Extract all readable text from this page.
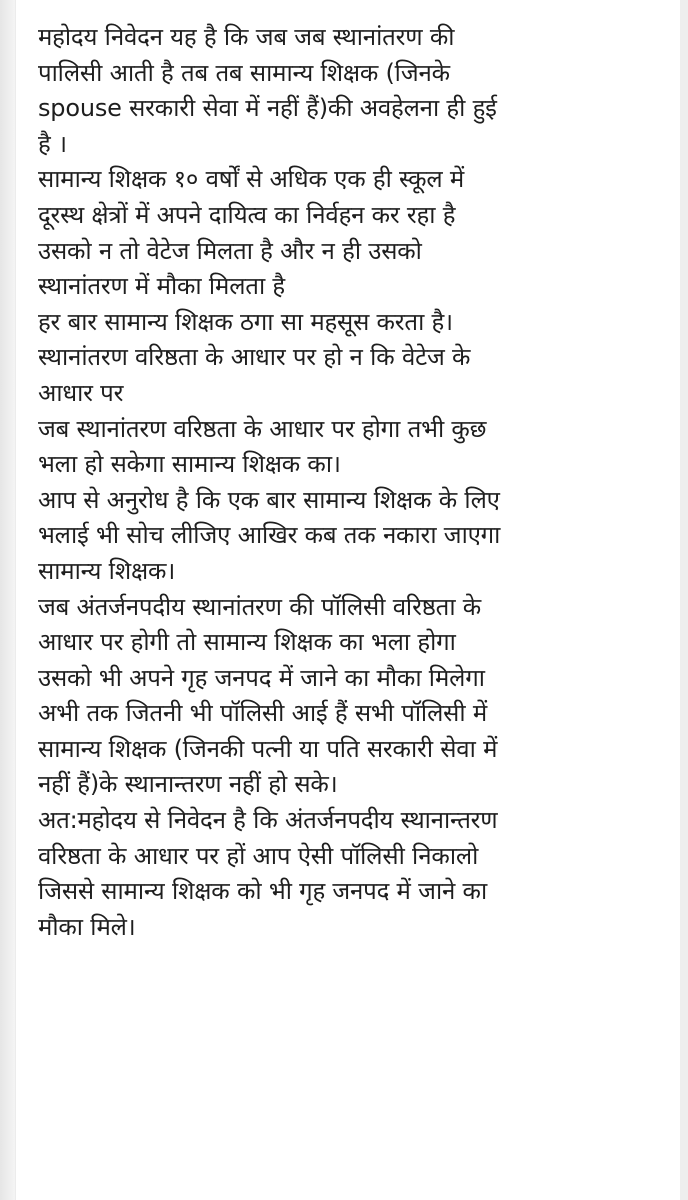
महोदय निवेदन यह है कि जब जब स्थानांतरण की
पालिसी आती है तब तब सामान्य शिक्षक (जिनके
spouse सरकारी सेवा में नहीं हैं)की अवहेलना ही हुई
है ।
सामान्य शिक्षक १० वर्षों से अधिक एक ही स्कूल में
दूरस्थ क्षेत्रों में अपने दायित्व का निर्वहन कर रहा है
उसको न तो वेटेज मिलता है और न ही उसको
स्थानांतरण में मौका मिलता है
हर बार सामान्य शिक्षक ठगा सा महसूस करता है।
स्थानांतरण वरिष्ठता के आधार पर हो न कि वेटेज के
आधार पर
जब स्थानांतरण वरिष्ठता के आधार पर होगा तभी कुछ
भला हो सकेगा सामान्य शिक्षक का।
आप से अनुरोध है कि एक बार सामान्य शिक्षक के लिए
भलाई भी सोच लीजिए आखिर कब तक नकारा जाएगा
सामान्य शिक्षक।
जब अंतर्जनपदीय स्थानांतरण की पॉलिसी वरिष्ठता के
आधार पर होगी तो सामान्य शिक्षक का भला होगा
उसको भी अपने गृह जनपद में जाने का मौका मिलेगा
अभी तक जितनी भी पॉलिसी आई हैं सभी पॉलिसी में
सामान्य शिक्षक (जिनकी पत्नी या पति सरकारी सेवा में
नहीं हैं)के स्थानान्तरण नहीं हो सके।
अत:महोदय से निवेदन है कि अंतर्जनपदीय स्थानान्तरण
वरिष्ठता के आधार पर हों आप ऐसी पॉलिसी निकालो
जिससे सामान्य शिक्षक को भी गृह जनपद में जाने का
मौका मिले।
